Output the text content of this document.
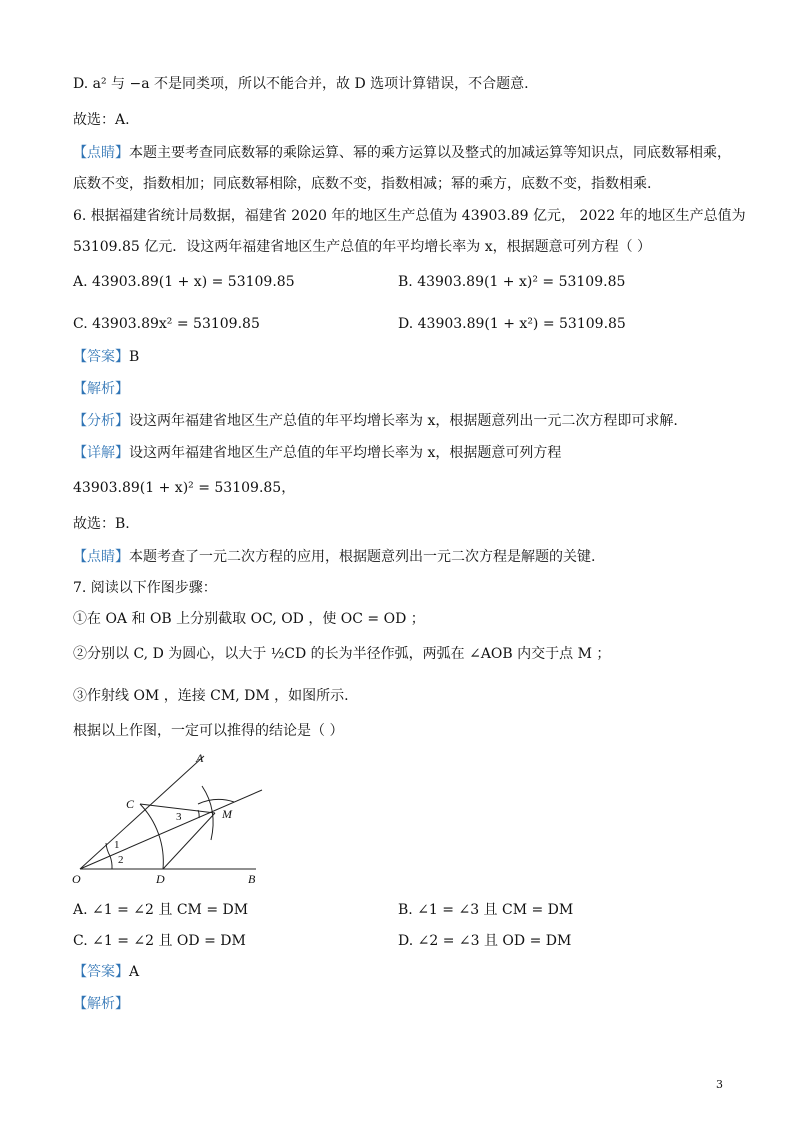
D. a² 与 −a 不是同类项，所以不能合并，故 D 选项计算错误，不合题意.
故选：A.
【点睛】本题主要考查同底数幂的乘除运算、幂的乘方运算以及整式的加减运算等知识点，同底数幂相乘，
底数不变，指数相加；同底数幂相除，底数不变，指数相减；幂的乘方，底数不变，指数相乘.
6. 根据福建省统计局数据，福建省 2020 年的地区生产总值为 43903.89 亿元， 2022 年的地区生产总值为
53109.85 亿元．设这两年福建省地区生产总值的年平均增长率为 x，根据题意可列方程（ ）
A. 43903.89(1 + x) = 53109.85	B. 43903.89(1 + x)² = 53109.85
C. 43903.89x² = 53109.85	D. 43903.89(1 + x²) = 53109.85
【答案】B
【解析】
【分析】设这两年福建省地区生产总值的年平均增长率为 x，根据题意列出一元二次方程即可求解.
【详解】设这两年福建省地区生产总值的年平均增长率为 x，根据题意可列方程
43903.89(1 + x)² = 53109.85，
故选：B.
【点睛】本题考查了一元二次方程的应用，根据题意列出一元二次方程是解题的关键.
7. 阅读以下作图步骤：
①在 OA 和 OB 上分别截取 OC, OD ，使 OC = OD ；
②分别以 C, D 为圆心，以大于 ½CD 的长为半径作弧，两弧在 ∠AOB 内交于点 M ；
③作射线 OM ，连接 CM, DM ，如图所示.
根据以上作图，一定可以推得的结论是（ ）
A
C
M
O	D	B
1
2
3
A. ∠1 = ∠2 且 CM = DM	B. ∠1 = ∠3 且 CM = DM
C. ∠1 = ∠2 且 OD = DM	D. ∠2 = ∠3 且 OD = DM
【答案】A
【解析】
3
